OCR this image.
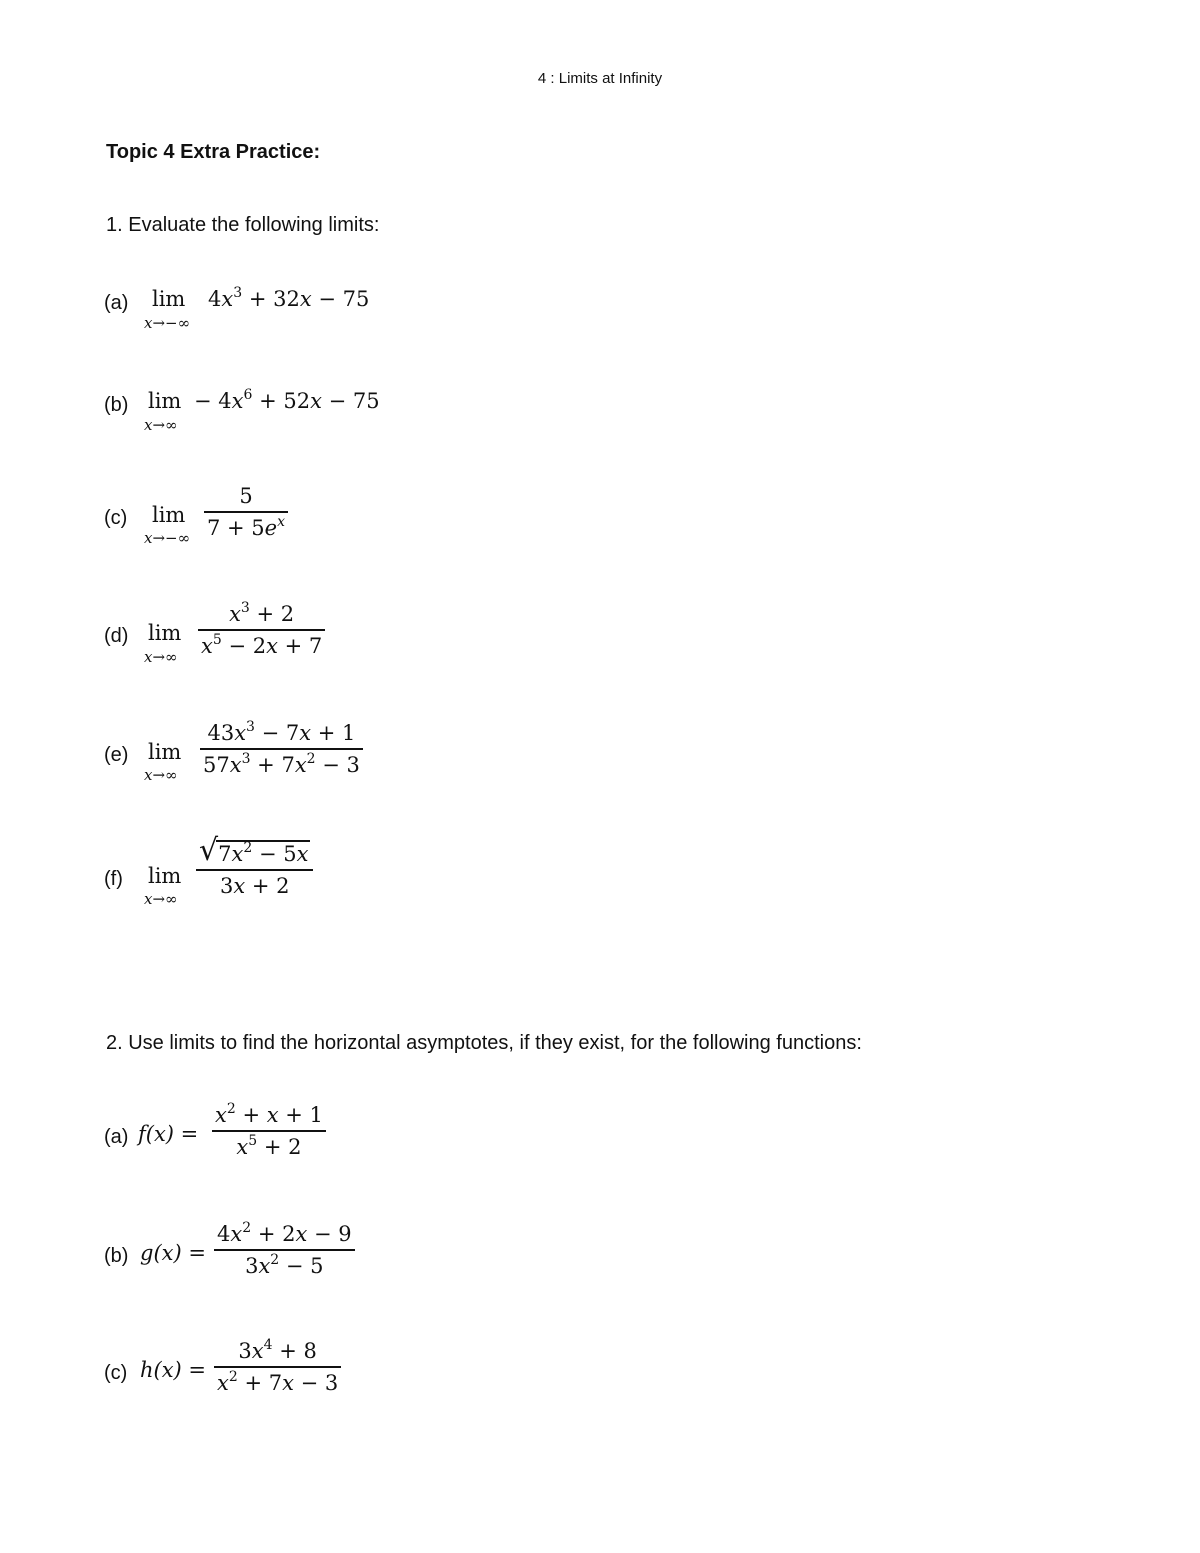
4 : Limits at Infinity
Topic 4 Extra Practice:
1. Evaluate the following limits:
(a) lim
x→−∞
$4x^3 + 32x - 75$
(b) lim
x→∞
− $4x^6 + 52x - 75$
(c) lim
x→−∞
5
$7 + 5e^x$
(d) lim
x→∞
$x^3 + 2$
$x^5 - 2x + 7$
(e) lim
x→∞
$43x^3 - 7x + 1$
$57x^3 + 7x^2 - 3$
(f) lim
x→∞
√ $7x^2 - 5x$
3x + 2
2. Use limits to find the horizontal asymptotes, if they exist, for the following functions:
(a) f(x) =
$x^2 + x + 1$
$x^5 + 2$
(b) g(x) =
$4x^2 + 2x - 9$
$3x^2 - 5$
(c) h(x) =
$3x^4 + 8$
$x^2 + 7x - 3$
